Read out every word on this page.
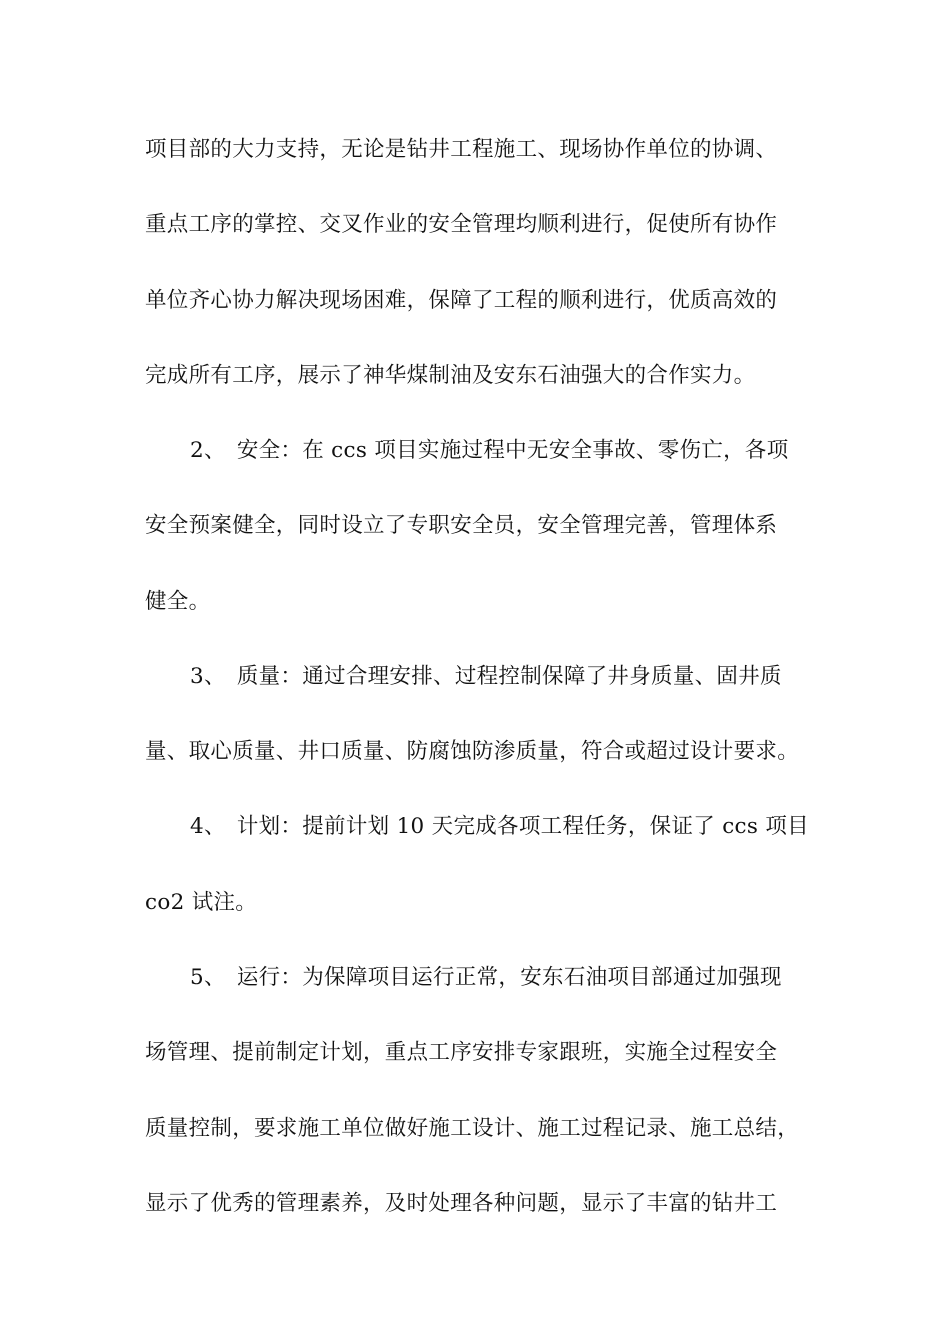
项目部的大力支持，无论是钻井工程施工、现场协作单位的协调、
重点工序的掌控、交叉作业的安全管理均顺利进行，促使所有协作
单位齐心协力解决现场困难，保障了工程的顺利进行，优质高效的
完成所有工序，展示了神华煤制油及安东石油强大的合作实力。
2、　安全：在 ccs 项目实施过程中无安全事故、零伤亡，各项
安全预案健全，同时设立了专职安全员，安全管理完善，管理体系
健全。
3、　质量：通过合理安排、过程控制保障了井身质量、固井质
量、取心质量、井口质量、防腐蚀防渗质量，符合或超过设计要求。
4、　计划：提前计划 10 天完成各项工程任务，保证了 ccs 项目
co2 试注。
5、　运行：为保障项目运行正常，安东石油项目部通过加强现
场管理、提前制定计划，重点工序安排专家跟班，实施全过程安全
质量控制，要求施工单位做好施工设计、施工过程记录、施工总结，
显示了优秀的管理素养，及时处理各种问题，显示了丰富的钻井工
